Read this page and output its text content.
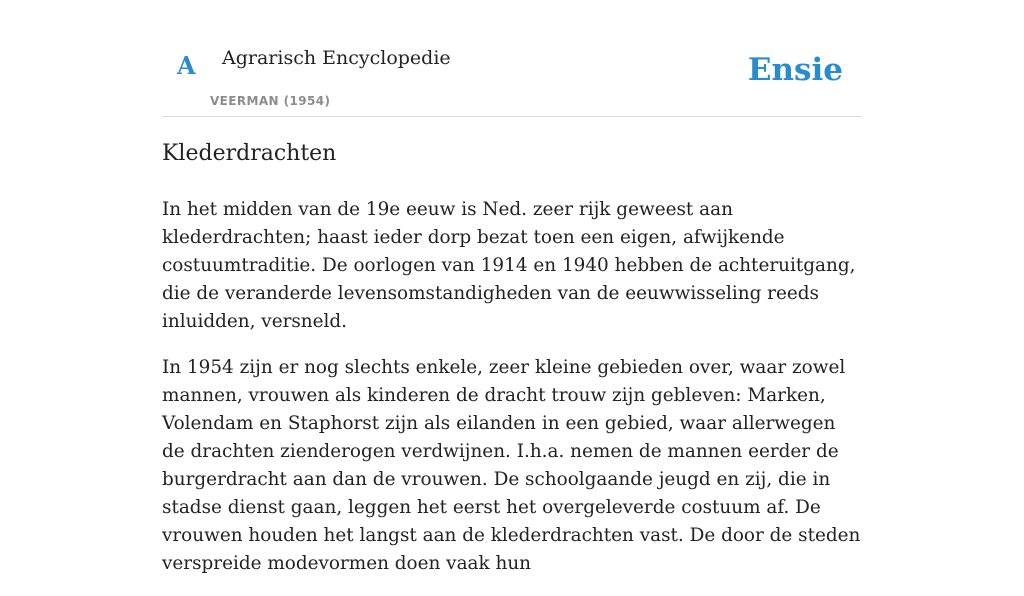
A Agrarisch Encyclopedie
VEERMAN (1954)
Ensie
Klederdrachten

In het midden van de 19e eeuw is Ned. zeer rijk geweest aan klederdrachten; haast ieder dorp bezat toen een eigen, afwijkende costuumtraditie. De oorlogen van 1914 en 1940 hebben de achteruitgang, die de veranderde levensomstandigheden van de eeuwwisseling reeds inluidden, versneld.

In 1954 zijn er nog slechts enkele, zeer kleine gebieden over, waar zowel mannen, vrouwen als kinderen de dracht trouw zijn gebleven: Marken, Volendam en Staphorst zijn als eilanden in een gebied, waar allerwegen de drachten zienderogen verdwijnen. I.h.a. nemen de mannen eerder de burgerdracht aan dan de vrouwen. De schoolgaande jeugd en zij, die in stadse dienst gaan, leggen het eerst het overgeleverde costuum af. De vrouwen houden het langst aan de klederdrachten vast. De door de steden verspreide modevormen doen vaak hun
